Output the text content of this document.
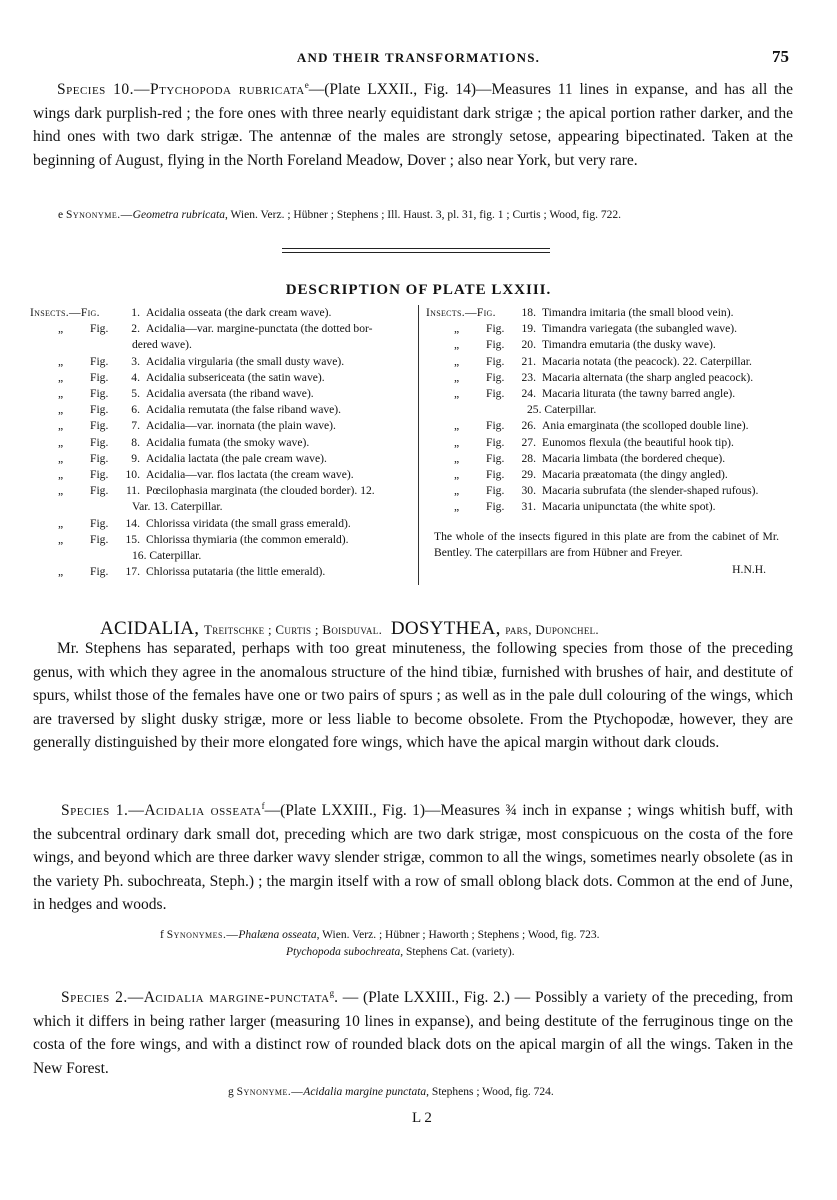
AND THEIR TRANSFORMATIONS.	75
Species 10.—Ptychopoda rubricata$^e$—(Plate LXXII., Fig. 14)—Measures 11 lines in expanse, and has all the wings dark purplish-red ; the fore ones with three nearly equidistant dark strigæ ; the apical portion rather darker, and the hind ones with two dark strigæ. The antennæ of the males are strongly setose, appearing bipectinated. Taken at the beginning of August, flying in the North Foreland Meadow, Dover ; also near York, but very rare.
e Synonyme.—Geometra rubricata, Wien. Verz. ; Hübner ; Stephens ; Ill. Haust. 3, pl. 31, fig. 1 ; Curtis ; Wood, fig. 722.
DESCRIPTION OF PLATE LXXIII.
Insects.—Fig.	1. Acidalia osseata (the dark cream wave).
„	Fig.	2. Acidalia—var. margine-punctata (the dotted bor-
dered wave).
„	Fig.	3. Acidalia virgularia (the small dusty wave).
„	Fig.	4. Acidalia subsericeata (the satin wave).
„	Fig.	5. Acidalia aversata (the riband wave).
„	Fig.	6. Acidalia remutata (the false riband wave).
„	Fig.	7. Acidalia—var. inornata (the plain wave).
„	Fig.	8. Acidalia fumata (the smoky wave).
„	Fig.	9. Acidalia lactata (the pale cream wave).
„	Fig.	10. Acidalia—var. flos lactata (the cream wave).
„	Fig.	11. Pœcilophasia marginata (the clouded border). 12.
Var. 13. Caterpillar.
„	Fig.	14. Chlorissa viridata (the small grass emerald).
„	Fig.	15. Chlorissa thymiaria (the common emerald).
16. Caterpillar.
„	Fig.	17. Chlorissa putataria (the little emerald).
Insects.—Fig.	18. Timandra imitaria (the small blood vein).
„	Fig.	19. Timandra variegata (the subangled wave).
„	Fig.	20. Timandra emutaria (the dusky wave).
„	Fig.	21. Macaria notata (the peacock). 22. Caterpillar.
„	Fig.	23. Macaria alternata (the sharp angled peacock).
„	Fig.	24. Macaria liturata (the tawny barred angle).
25. Caterpillar.
„	Fig.	26. Ania emarginata (the scolloped double line).
„	Fig.	27. Eunomos flexula (the beautiful hook tip).
„	Fig.	28. Macaria limbata (the bordered cheque).
„	Fig.	29. Macaria præatomata (the dingy angled).
„	Fig.	30. Macaria subrufata (the slender-shaped rufous).
„	Fig.	31. Macaria unipunctata (the white spot).
The whole of the insects figured in this plate are from the cabinet of Mr. Bentley. The caterpillars are from Hübner and Freyer.
H.N.H.
ACIDALIA, Treitschke ; Curtis ; Boisduval. DOSYTHEA, pars, Duponchel.
Mr. Stephens has separated, perhaps with too great minuteness, the following species from those of the preceding genus, with which they agree in the anomalous structure of the hind tibiæ, furnished with brushes of hair, and destitute of spurs, whilst those of the females have one or two pairs of spurs ; as well as in the pale dull colouring of the wings, which are traversed by slight dusky strigæ, more or less liable to become obsolete. From the Ptychopodæ, however, they are generally distinguished by their more elongated fore wings, which have the apical margin without dark clouds.
Species 1.—Acidalia osseata$^f$—(Plate LXXIII., Fig. 1)—Measures ¾ inch in expanse ; wings whitish buff, with the subcentral ordinary dark small dot, preceding which are two dark strigæ, most conspicuous on the costa of the fore wings, and beyond which are three darker wavy slender strigæ, common to all the wings, sometimes nearly obsolete (as in the variety Ph. subochreata, Steph.) ; the margin itself with a row of small oblong black dots. Common at the end of June, in hedges and woods.
f Synonymes.—Phalæna osseata, Wien. Verz. ; Hübner ; Haworth ; Stephens ; Wood, fig. 723.
Ptychopoda subochreata, Stephens Cat. (variety).
Species 2.—Acidalia margine-punctata$^g$. — (Plate LXXIII., Fig. 2.) — Possibly a variety of the preceding, from which it differs in being rather larger (measuring 10 lines in expanse), and being destitute of the ferruginous tinge on the costa of the fore wings, and with a distinct row of rounded black dots on the apical margin of all the wings. Taken in the New Forest.
g Synonyme.—Acidalia margine punctata, Stephens ; Wood, fig. 724.
L 2
